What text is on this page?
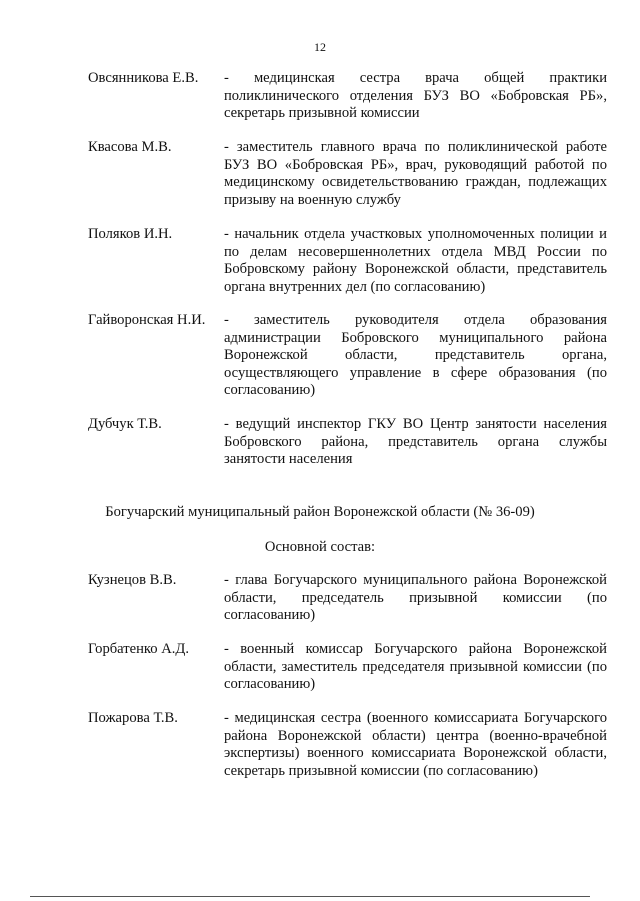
12
Овсянникова Е.В.	- медицинская сестра врача общей практики поликлинического отделения БУЗ ВО «Бобровская РБ», секретарь призывной комиссии
Квасова М.В.	- заместитель главного врача по поликлинической работе БУЗ ВО «Бобровская РБ», врач, руководящий работой по медицинскому освидетельствованию граждан, подлежащих призыву на военную службу
Поляков И.Н.	- начальник отдела участковых уполномоченных полиции и по делам несовершеннолетних отдела МВД России по Бобровскому району Воронежской области, представитель органа внутренних дел (по согласованию)
Гайворонская Н.И.	- заместитель руководителя отдела образования администрации Бобровского муниципального района Воронежской области, представитель органа, осуществляющего управление в сфере образования (по согласованию)
Дубчук Т.В.	- ведущий инспектор ГКУ ВО Центр занятости населения Бобровского района, представитель органа службы занятости населения
Богучарский муниципальный район Воронежской области (№ 36-09)
Основной состав:
Кузнецов В.В.	- глава Богучарского муниципального района Воронежской области, председатель призывной комиссии (по согласованию)
Горбатенко А.Д.	- военный комиссар Богучарского района Воронежской области, заместитель председателя призывной комиссии (по согласованию)
Пожарова Т.В.	- медицинская сестра (военного комиссариата Богучарского района Воронежской области) центра (военно-врачебной экспертизы) военного комиссариата Воронежской области, секретарь призывной комиссии (по согласованию)
